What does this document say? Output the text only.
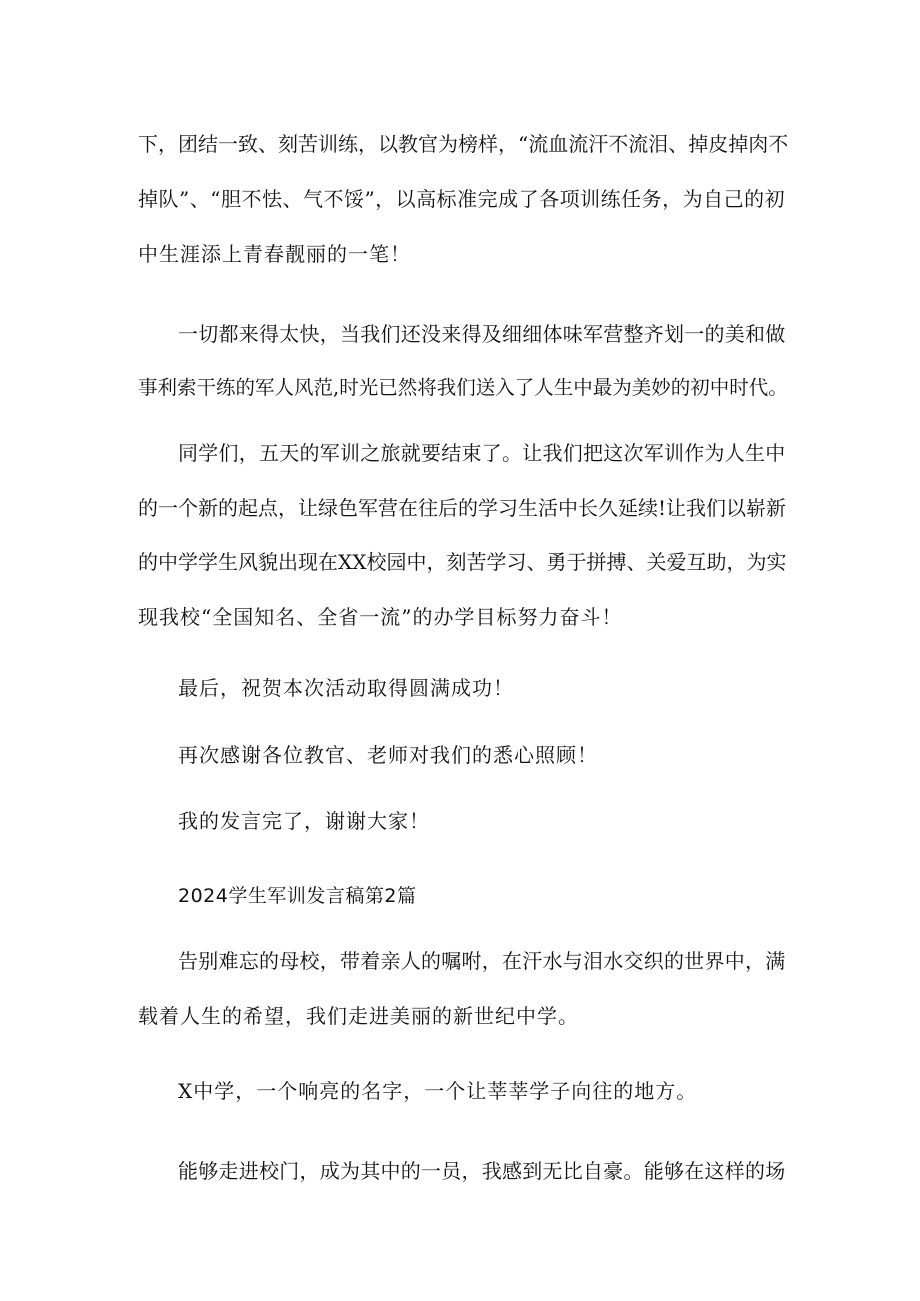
下，团结一致、刻苦训练，以教官为榜样，“流血流汗不流泪、掉皮掉肉不

掉队”、“胆不怯、气不馁”，以高标准完成了各项训练任务，为自己的初

中生涯添上青春靓丽的一笔！

一切都来得太快，当我们还没来得及细细体味军营整齐划一的美和做

事利索干练的军人风范,时光已然将我们送入了人生中最为美妙的初中时代。

同学们，五天的军训之旅就要结束了。让我们把这次军训作为人生中

的一个新的起点，让绿色军营在往后的学习生活中长久延续!让我们以崭新

的中学学生风貌出现在XX校园中，刻苦学习、勇于拼搏、关爱互助，为实

现我校“全国知名、全省一流”的办学目标努力奋斗！

最后，祝贺本次活动取得圆满成功！

再次感谢各位教官、老师对我们的悉心照顾！

我的发言完了，谢谢大家！

2024学生军训发言稿第2篇

告别难忘的母校，带着亲人的嘱咐，在汗水与泪水交织的世界中，满

载着人生的希望，我们走进美丽的新世纪中学。

X中学，一个响亮的名字，一个让莘莘学子向往的地方。

能够走进校门，成为其中的一员，我感到无比自豪。能够在这样的场
